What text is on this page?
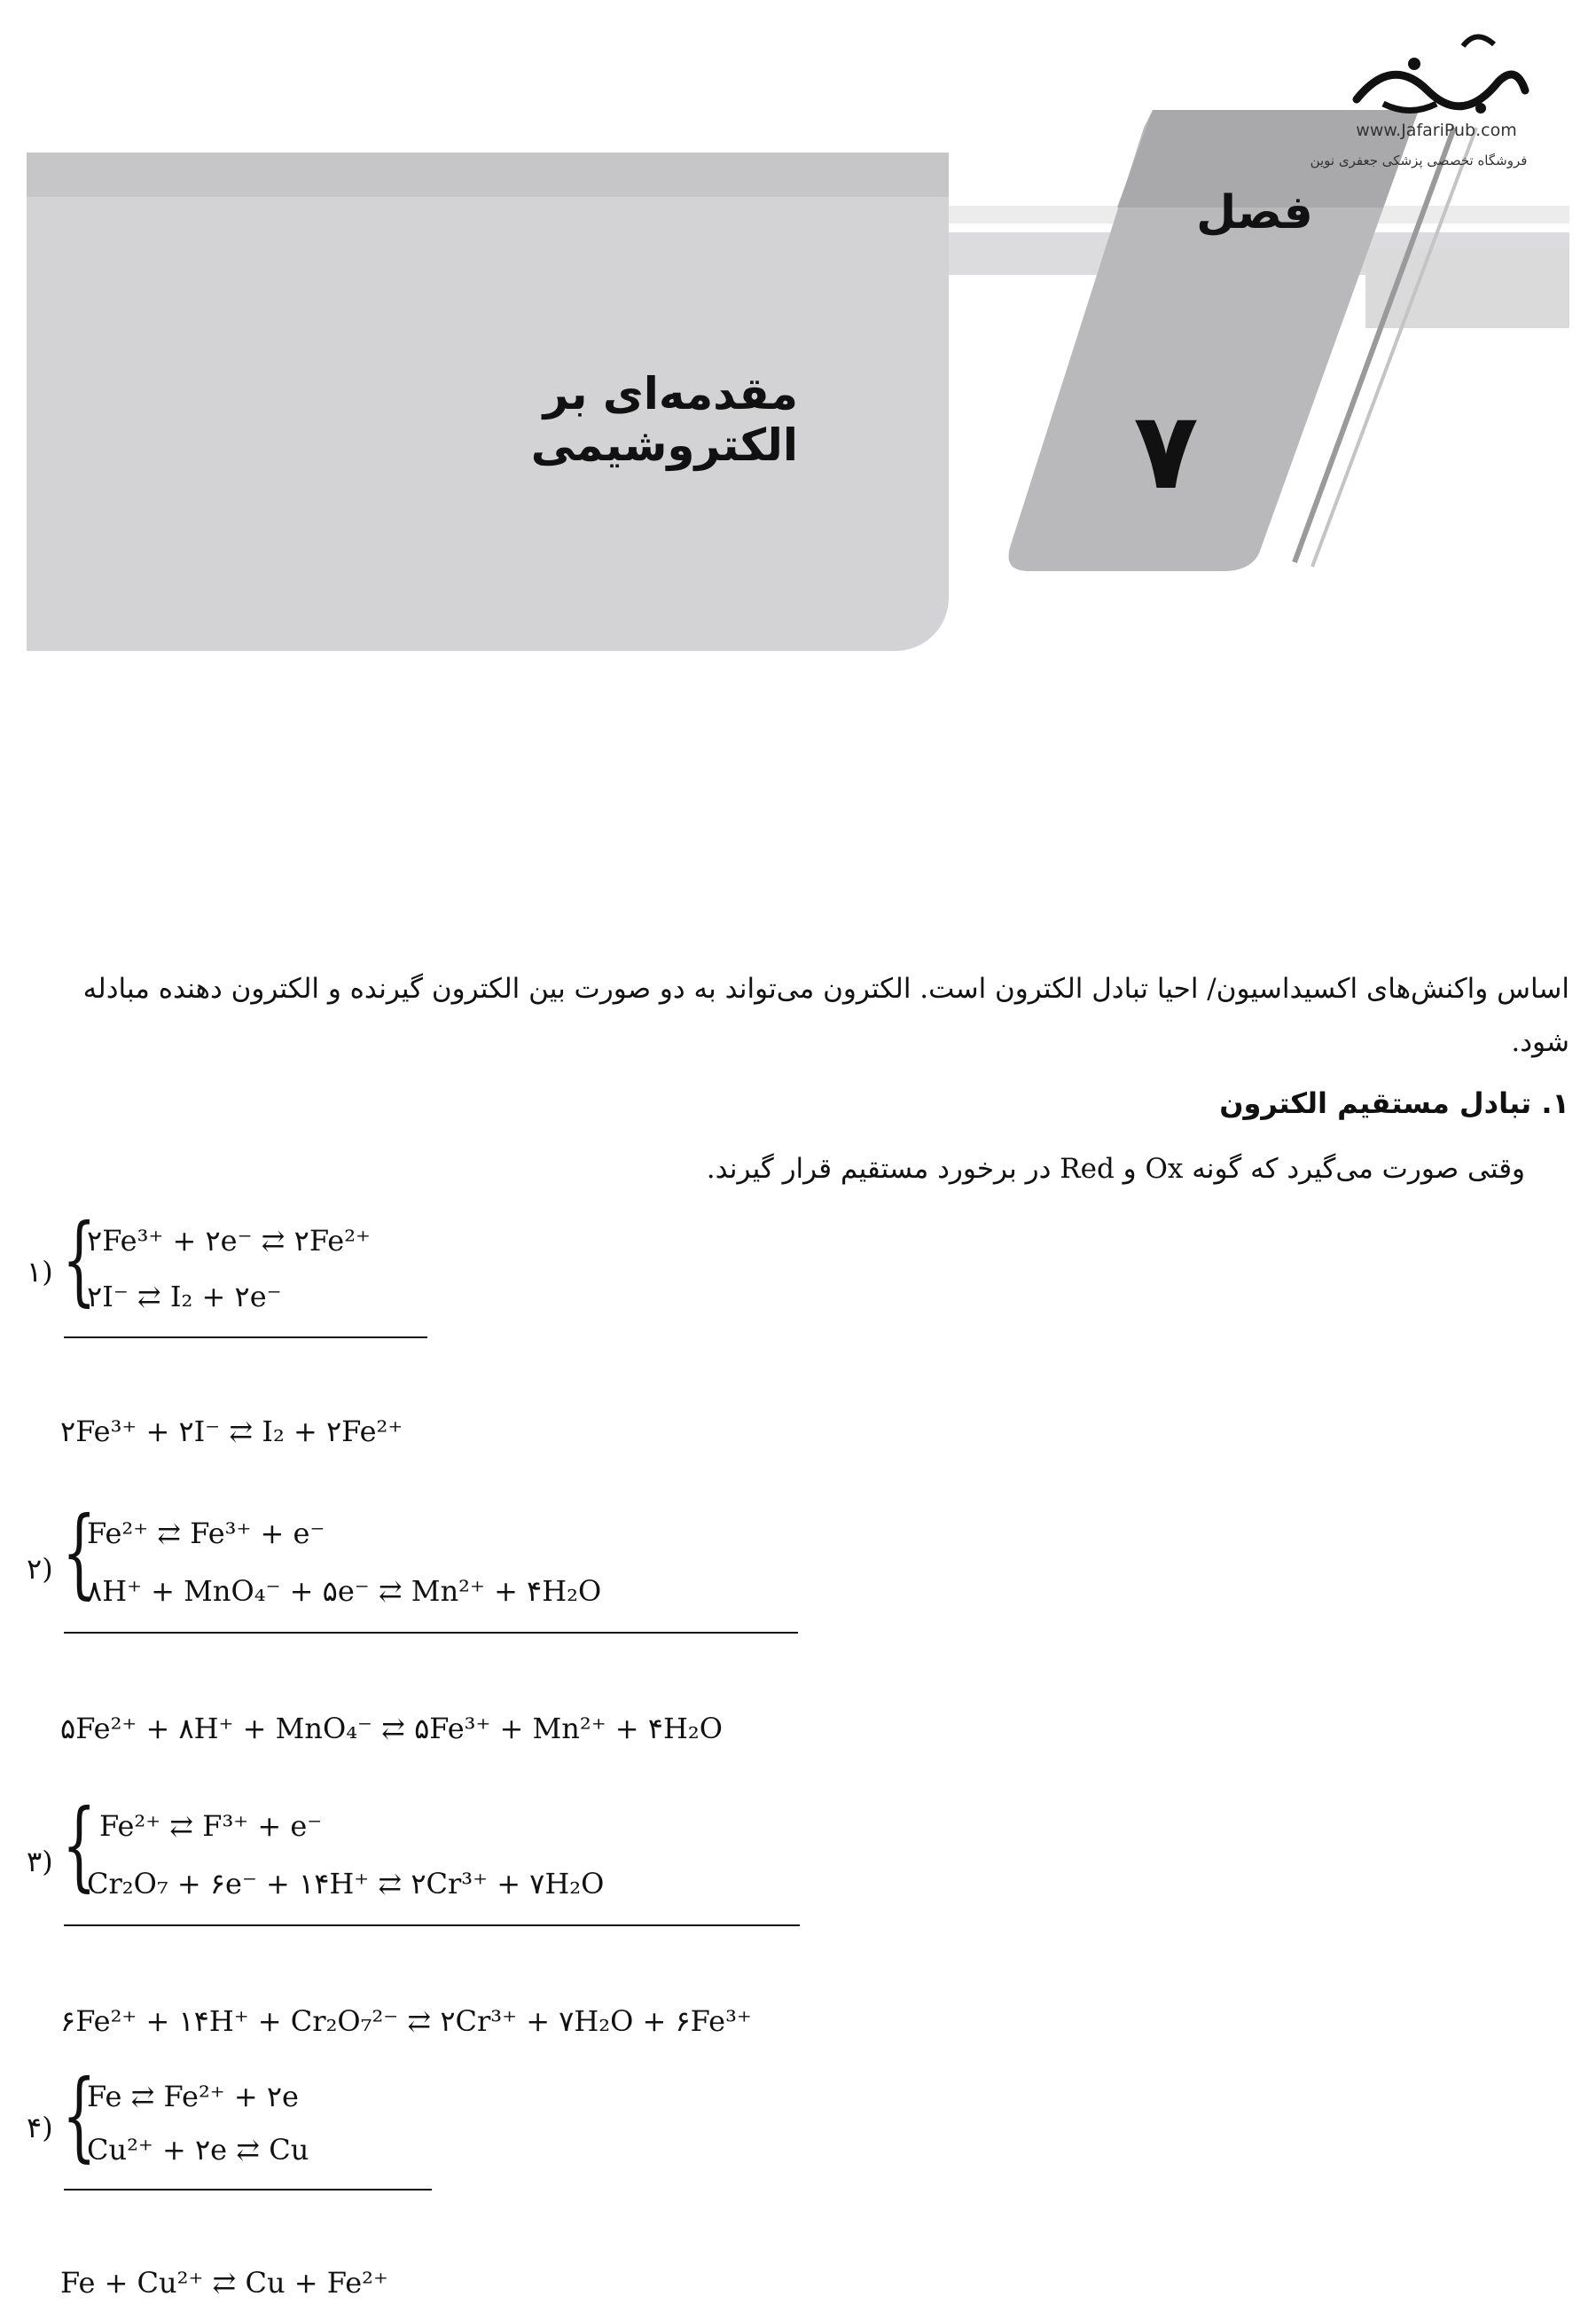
فصل
۷
مقدمه‌ای بر الکتروشیمی
www.JafariPub.com
فروشگاه تخصصی پزشکی جعفری نوین
اساس واکنش‌های اکسیداسیون/ احیا تبادل الکترون است. الکترون می‌تواند به دو صورت بین الکترون گیرنده و الکترون دهنده مبادله شود.
۱. تبادل مستقیم الکترون
وقتی صورت می‌گیرد که گونه Ox و Red در برخورد مستقیم قرار گیرند.
۱) {
۲Fe³⁺ + ۲e⁻ ⇄ ۲Fe²⁺
۲I⁻ ⇄ I₂ + ۲e⁻
۲Fe³⁺ + ۲I⁻ ⇄ I₂ + ۲Fe²⁺
۲) {
Fe²⁺ ⇄ Fe³⁺ + e⁻
۸H⁺ + MnO₄⁻ + ۵e⁻ ⇄ Mn²⁺ + ۴H₂O
۵Fe²⁺ + ۸H⁺ + MnO₄⁻ ⇄ ۵Fe³⁺ + Mn²⁺ + ۴H₂O
۳) { Fe²⁺ ⇄ F³⁺ + e⁻
Cr₂O₇ + ۶e⁻ + ۱۴H⁺ ⇄ ۲Cr³⁺ + ۷H₂O
۶Fe²⁺ + ۱۴H⁺ + Cr₂O₇²⁻ ⇄ ۲Cr³⁺ + ۷H₂O + ۶Fe³⁺
۴) {
Fe ⇄ Fe²⁺ + ۲e
Cu²⁺ + ۲e ⇄ Cu
Fe + Cu²⁺ ⇄ Cu + Fe²⁺
